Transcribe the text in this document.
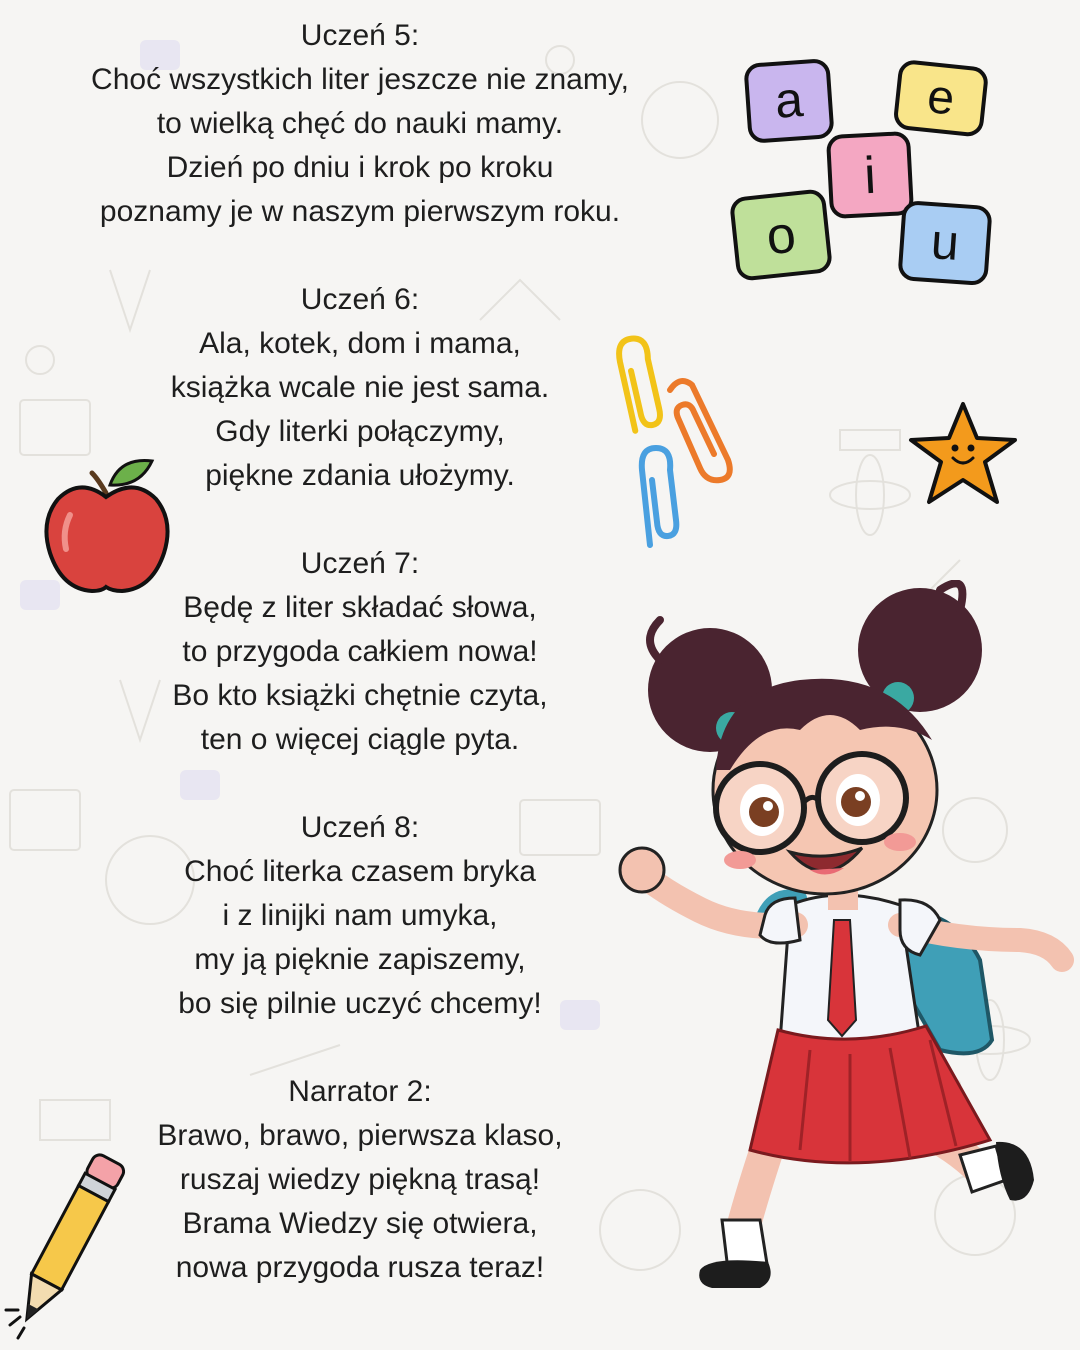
Uczeń 5:
Choć wszystkich liter jeszcze nie znamy,
to wielką chęć do nauki mamy.
Dzień po dniu i krok po kroku
poznamy je w naszym pierwszym roku.
Uczeń 6:
Ala, kotek, dom i mama,
książka wcale nie jest sama.
Gdy literki połączymy,
piękne zdania ułożymy.
Uczeń 7:
Będę z liter składać słowa,
to przygoda całkiem nowa!
Bo kto książki chętnie czyta,
ten o więcej ciągle pyta.
Uczeń 8:
Choć literka czasem bryka
i z linijki nam umyka,
my ją pięknie zapiszemy,
bo się pilnie uczyć chcemy!
Narrator 2:
Brawo, brawo, pierwsza klaso,
ruszaj wiedzy piękną trasą!
Brama Wiedzy się otwiera,
nowa przygoda rusza teraz!
a	e
i
o	u
